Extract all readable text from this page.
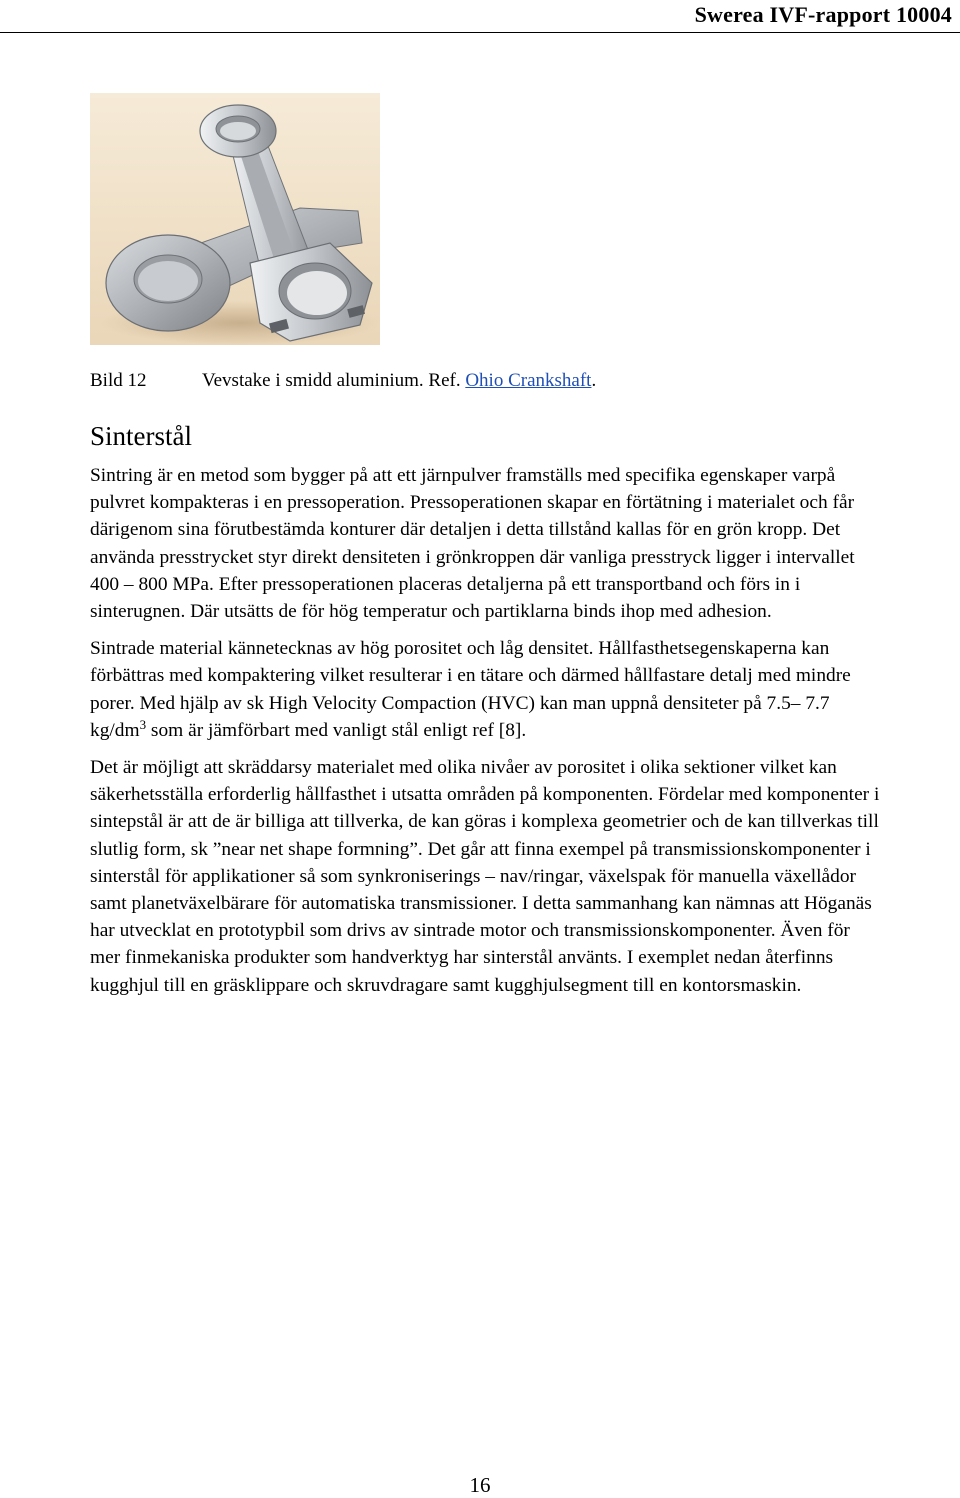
Swerea IVF-rapport 10004
Bild 12	Vevstake i smidd aluminium. Ref. Ohio Crankshaft.
Sinterstål

Sintring är en metod som bygger på att ett järnpulver framställs med specifika egenskaper varpå pulvret kompakteras i en pressoperation. Pressoperationen skapar en förtätning i materialet och får därigenom sina förutbestämda konturer där detaljen i detta tillstånd kallas för en grön kropp. Det använda presstrycket styr direkt densiteten i grönkroppen där vanliga presstryck ligger i intervallet 400 – 800 MPa. Efter pressoperationen placeras detaljerna på ett transportband och förs in i sinterugnen. Där utsätts de för hög temperatur och partiklarna binds ihop med adhesion.

Sintrade material kännetecknas av hög porositet och låg densitet. Hållfasthetsegenskaperna kan förbättras med kompaktering vilket resulterar i en tätare och därmed hållfastare detalj med mindre porer. Med hjälp av sk High Velocity Compaction (HVC) kan man uppnå densiteter på 7.5– 7.7 $kg/dm^3$ som är jämförbart med vanligt stål enligt ref [8].

Det är möjligt att skräddarsy materialet med olika nivåer av porositet i olika sektioner vilket kan säkerhetsställa erforderlig hållfasthet i utsatta områden på komponenten. Fördelar med komponenter i sintерstål är att de är billiga att tillverka, de kan göras i komplexa geometrier och de kan tillverkas till slutlig form, sk ”near net shape formning”. Det går att finna exempel på transmissionskomponenter i sinterstål för applikationer så som synkroniserings – nav/ringar, växelspak för manuella växellådor samt planetväxelbärare för automatiska transmissioner. I detta sammanhang kan nämnas att Höganäs har utvecklat en prototypbil som drivs av sintrade motor och transmissionskomponenter. Även för mer finmekaniska produkter som handverktyg har sinterstål använts. I exemplet nedan återfinns kugghjul till en gräsklippare och skruvdragare samt kugghjulsegment till en kontorsmaskin.

16
